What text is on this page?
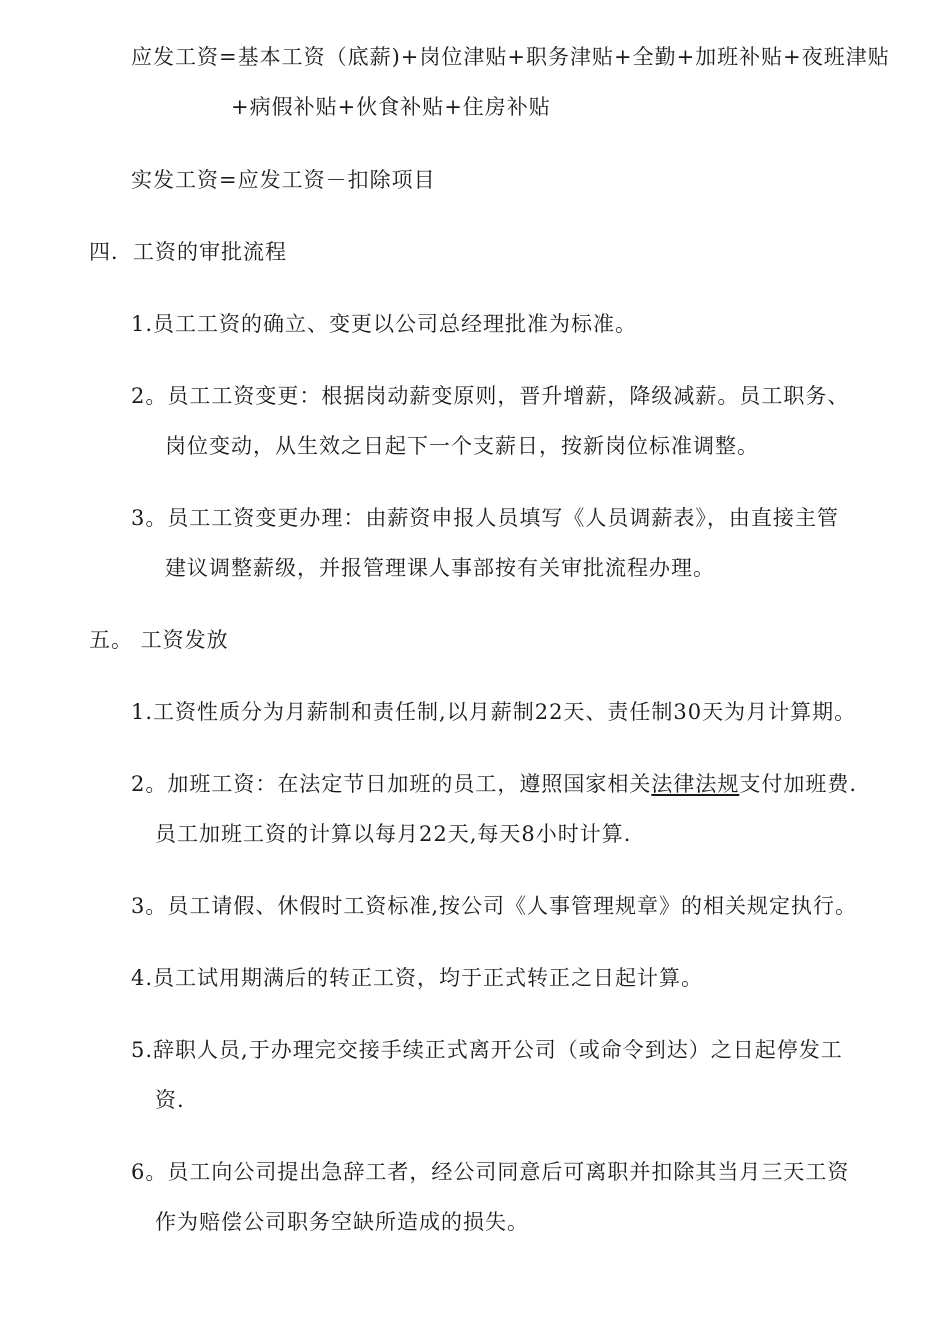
应发工资=基本工资（底薪)+岗位津贴+职务津贴+全勤+加班补贴+夜班津贴
+病假补贴+伙食补贴+住房补贴
实发工资=应发工资－扣除项目
四．工资的审批流程
1.员工工资的确立、变更以公司总经理批准为标准。
2。员工工资变更：根据岗动薪变原则，晋升增薪，降级减薪。员工职务、
岗位变动，从生效之日起下一个支薪日，按新岗位标准调整。
3。员工工资变更办理：由薪资申报人员填写《人员调薪表》，由直接主管
建议调整薪级，并报管理课人事部按有关审批流程办理。
五。 工资发放
1.工资性质分为月薪制和责任制,以月薪制22天、责任制30天为月计算期。
2。加班工资：在法定节日加班的员工，遵照国家相关法律法规支付加班费.
员工加班工资的计算以每月22天,每天8小时计算.
3。员工请假、休假时工资标准,按公司《人事管理规章》的相关规定执行。
4.员工试用期满后的转正工资，均于正式转正之日起计算。
5.辞职人员,于办理完交接手续正式离开公司（或命令到达）之日起停发工
资.
6。员工向公司提出急辞工者，经公司同意后可离职并扣除其当月三天工资
作为赔偿公司职务空缺所造成的损失。
